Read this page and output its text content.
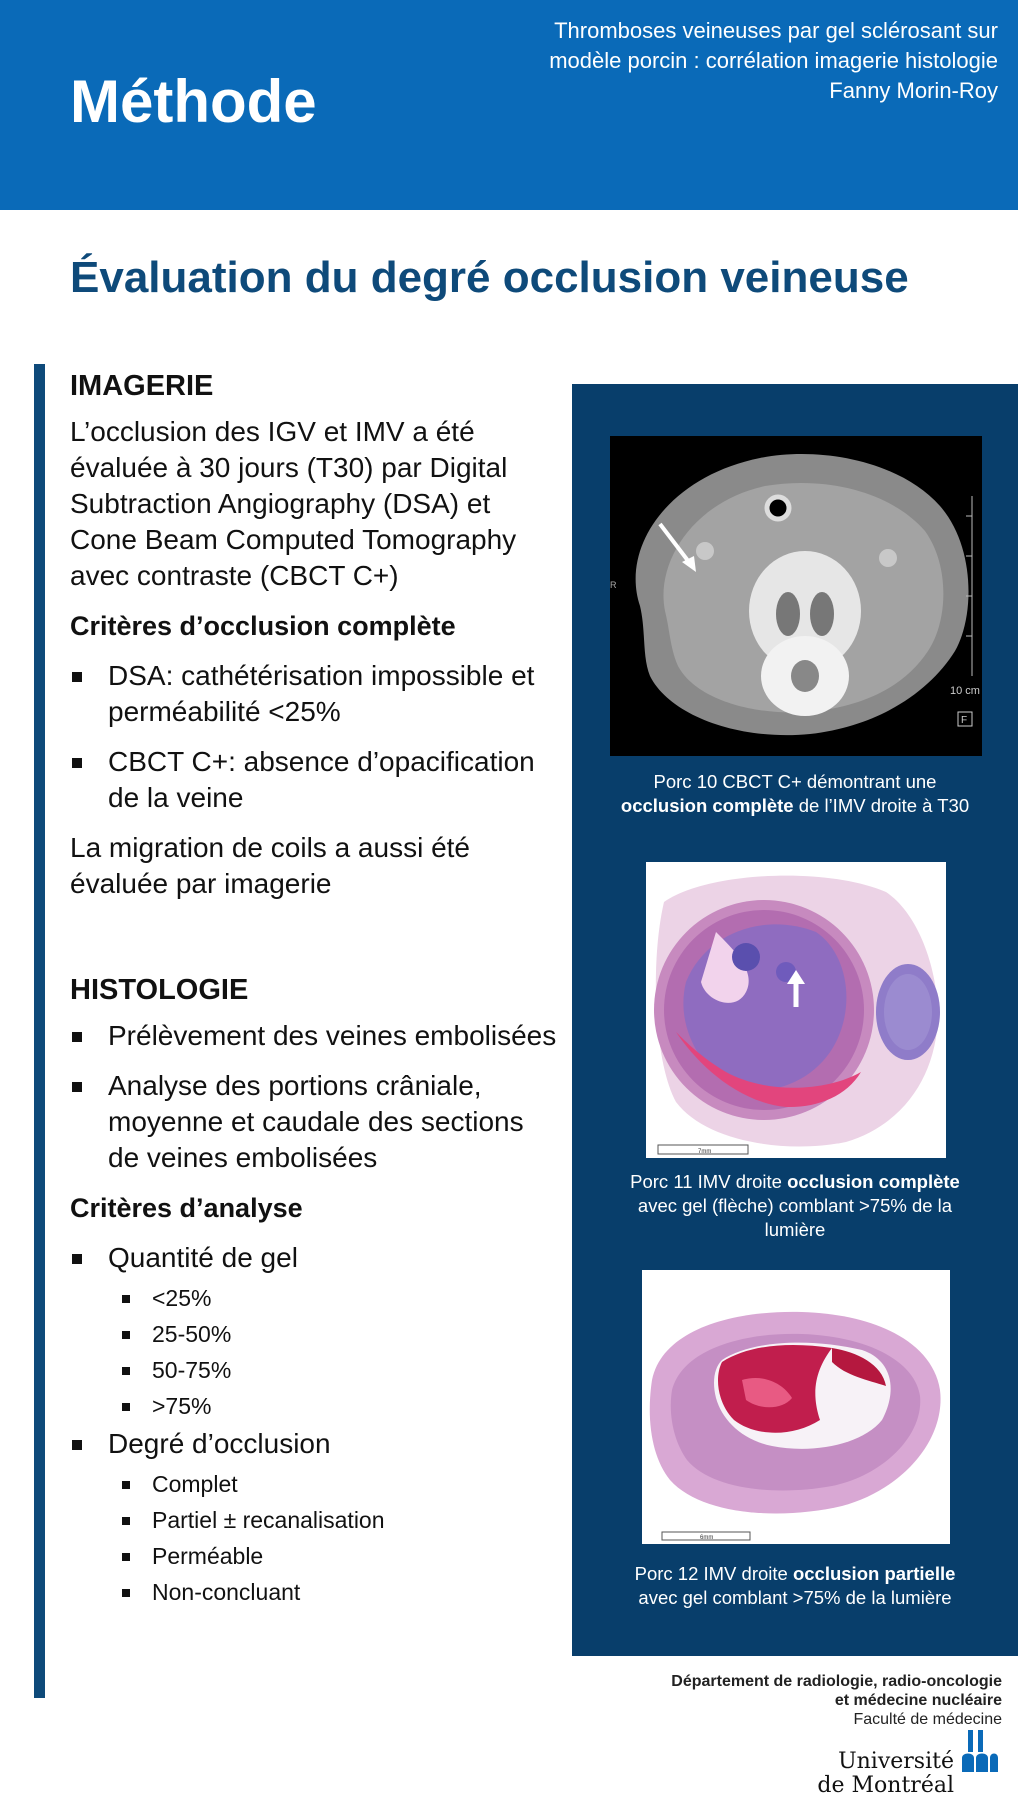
Méthode
Thromboses veineuses par gel sclérosant sur
modèle porcin : corrélation imagerie histologie
Fanny Morin-Roy
Évaluation du degré occlusion veineuse
IMAGERIE

L’occlusion des IGV et IMV a été évaluée à 30 jours (T30) par Digital Subtraction Angiography (DSA) et Cone Beam Computed Tomography avec contraste (CBCT C+)

Critères d’occlusion complète
DSA: cathétérisation impossible et perméabilité <25%
CBCT C+: absence d’opacification de la veine

La migration de coils a aussi été évaluée par imagerie

HISTOLOGIE
Prélèvement des veines embolisées
Analyse des portions crâniale, moyenne et caudale des sections de veines embolisées
Critères d’analyse
Quantité de gel
<25%
25-50%
50-75%
>75%
Degré d’occlusion
Complet
Partiel ± recanalisation
Perméable
Non-concluant
10 cm
F
R
Porc 10 CBCT C+ démontrant une
occlusion complète de l’IMV droite à T30
7mm
Porc 11 IMV droite occlusion complète
avec gel (flèche) comblant >75% de la
lumière
6mm
Porc 12 IMV droite occlusion partielle
avec gel comblant >75% de la lumière
Département de radiologie, radio-oncologie
et médecine nucléaire
Faculté de médecine
Université
de Montréal
